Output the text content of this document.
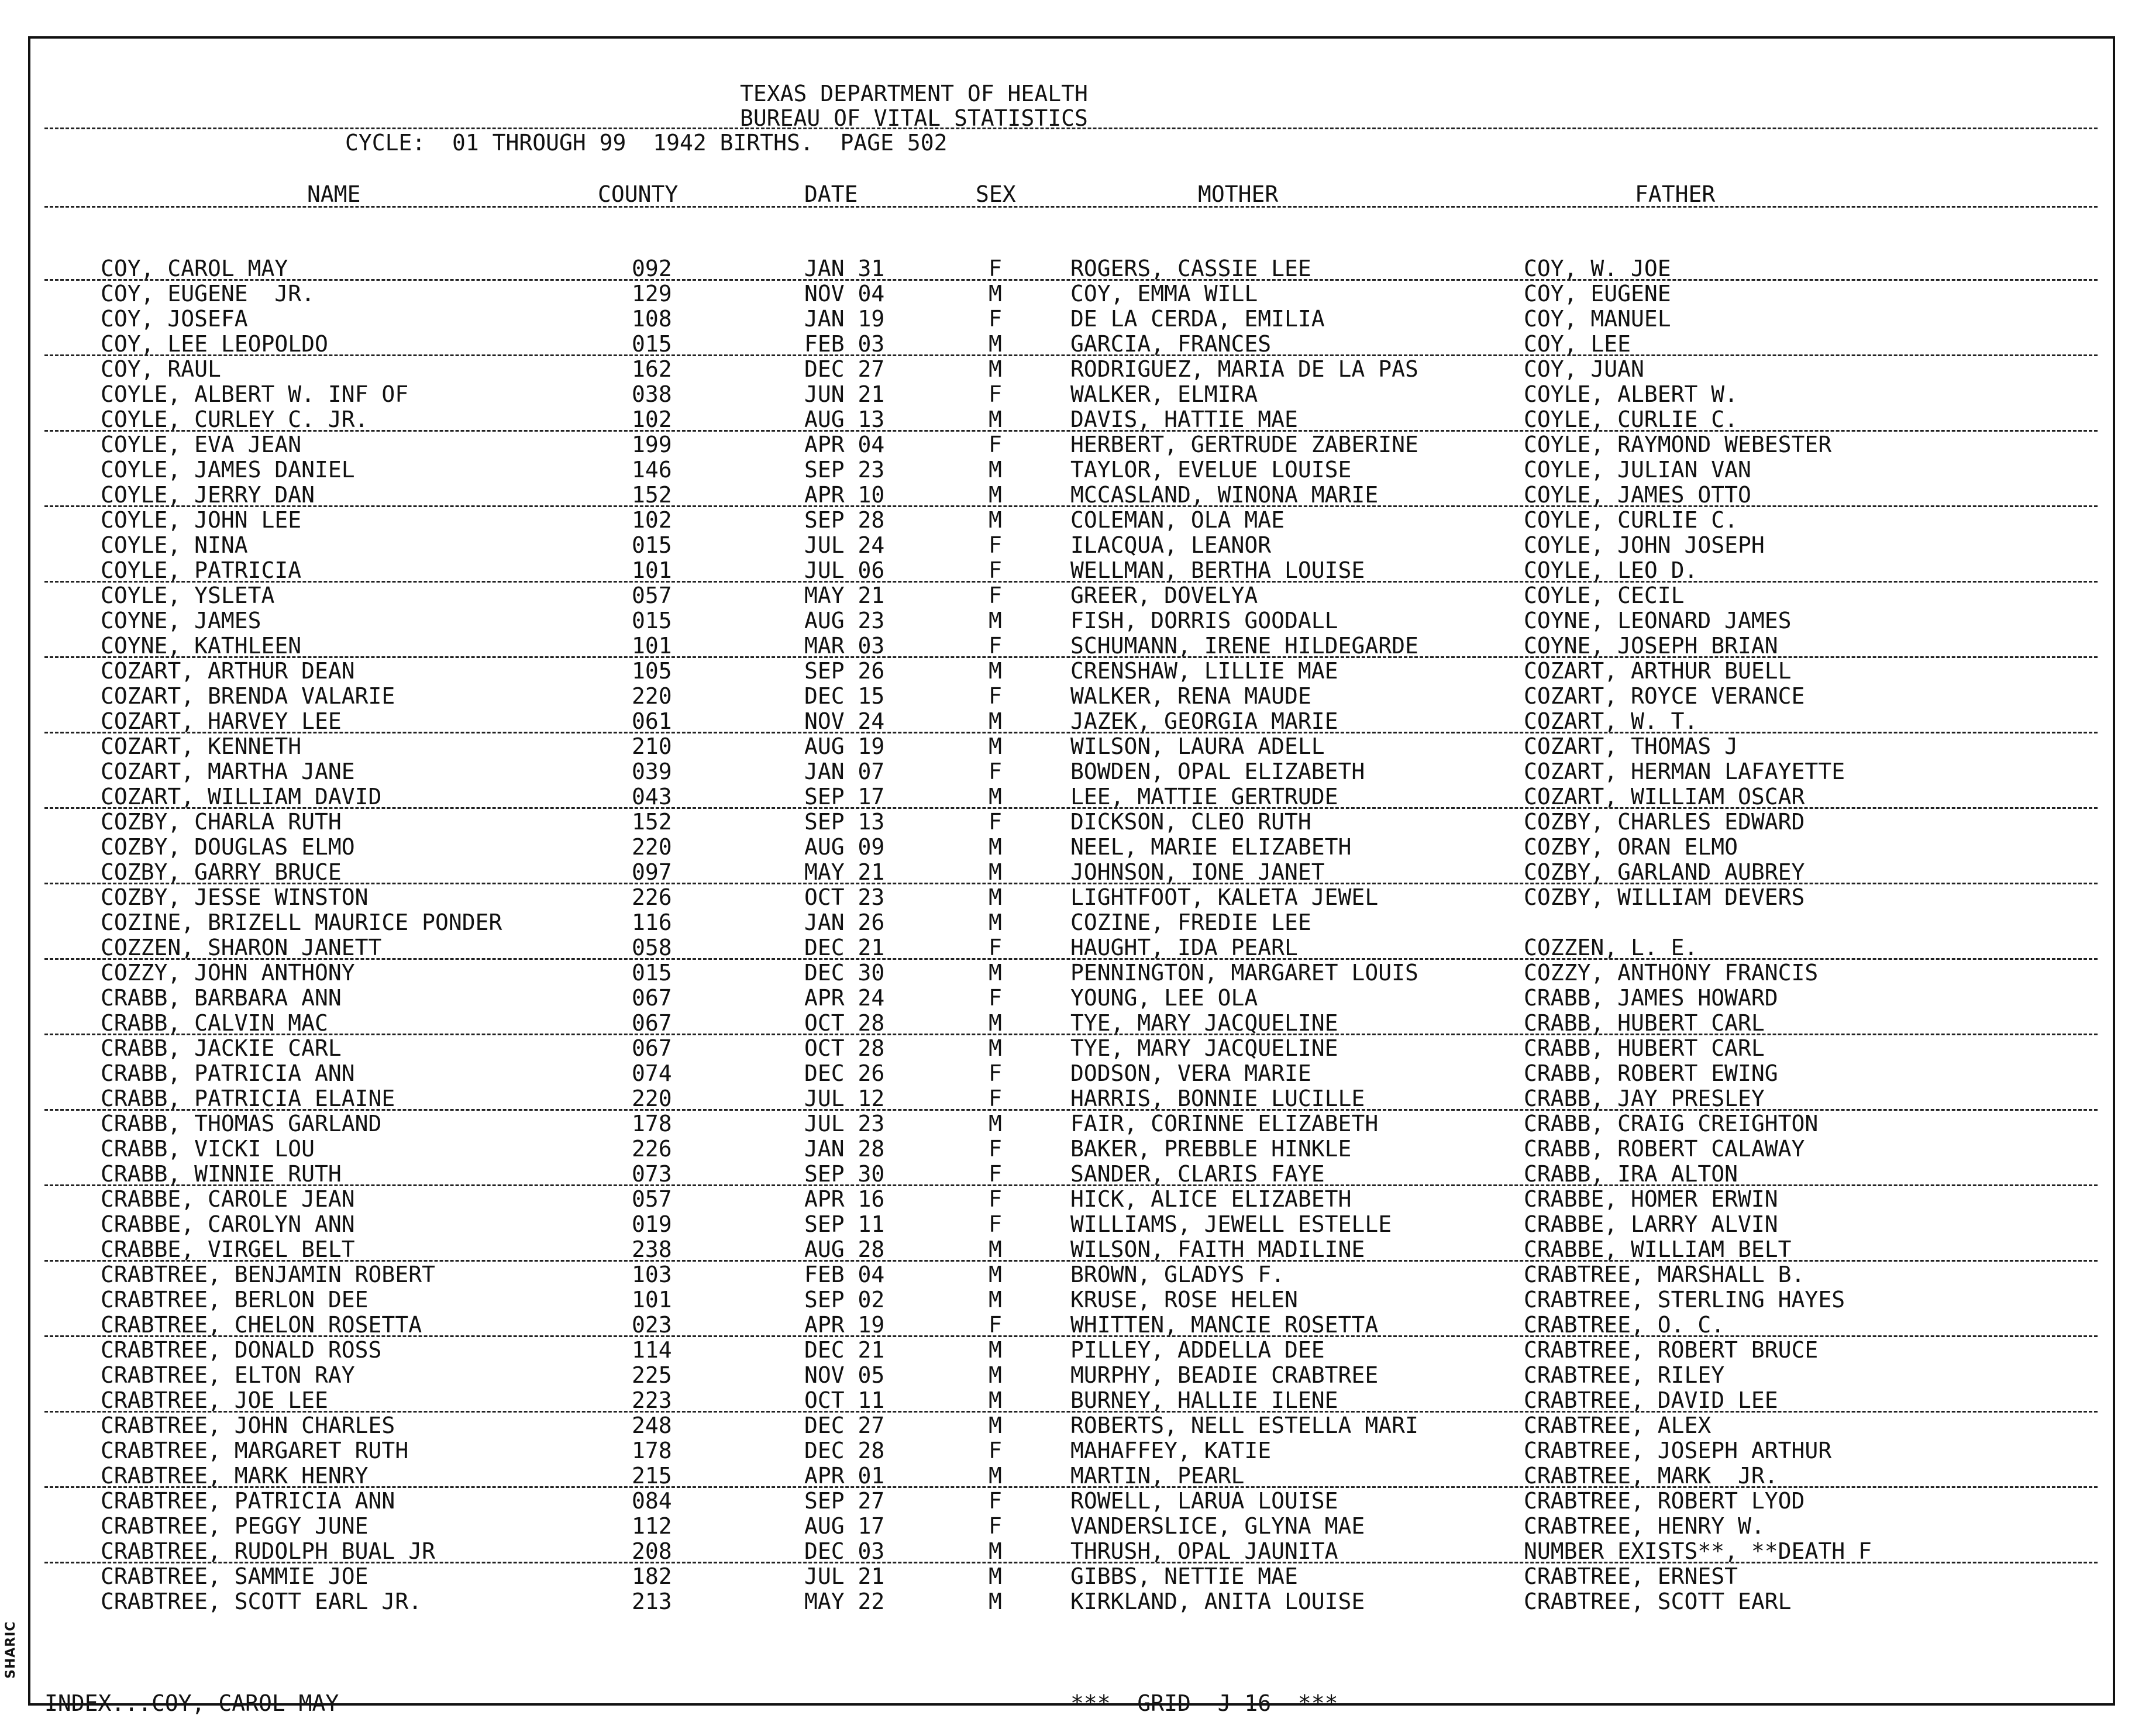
SHARIC
TEXAS DEPARTMENT OF HEALTH
BUREAU OF VITAL STATISTICS
CYCLE:  01 THROUGH 99  1942 BIRTHS.  PAGE 502
NAME	COUNTY	DATE	SEX	MOTHER	FATHER
COY, CAROL MAY	092	JAN 31	F	ROGERS, CASSIE LEE	COY, W. JOE
COY, EUGENE  JR.	129	NOV 04	M	COY, EMMA WILL	COY, EUGENE
COY, JOSEFA	108	JAN 19	F	DE LA CERDA, EMILIA	COY, MANUEL
COY, LEE LEOPOLDO	015	FEB 03	M	GARCIA, FRANCES	COY, LEE
COY, RAUL	162	DEC 27	M	RODRIGUEZ, MARIA DE LA PAS	COY, JUAN
COYLE, ALBERT W. INF OF	038	JUN 21	F	WALKER, ELMIRA	COYLE, ALBERT W.
COYLE, CURLEY C. JR.	102	AUG 13	M	DAVIS, HATTIE MAE	COYLE, CURLIE C.
COYLE, EVA JEAN	199	APR 04	F	HERBERT, GERTRUDE ZABERINE	COYLE, RAYMOND WEBESTER
COYLE, JAMES DANIEL	146	SEP 23	M	TAYLOR, EVELUE LOUISE	COYLE, JULIAN VAN
COYLE, JERRY DAN	152	APR 10	M	MCCASLAND, WINONA MARIE	COYLE, JAMES OTTO
COYLE, JOHN LEE	102	SEP 28	M	COLEMAN, OLA MAE	COYLE, CURLIE C.
COYLE, NINA	015	JUL 24	F	ILACQUA, LEANOR	COYLE, JOHN JOSEPH
COYLE, PATRICIA	101	JUL 06	F	WELLMAN, BERTHA LOUISE	COYLE, LEO D.
COYLE, YSLETA	057	MAY 21	F	GREER, DOVELYA	COYLE, CECIL
COYNE, JAMES	015	AUG 23	M	FISH, DORRIS GOODALL	COYNE, LEONARD JAMES
COYNE, KATHLEEN	101	MAR 03	F	SCHUMANN, IRENE HILDEGARDE	COYNE, JOSEPH BRIAN
COZART, ARTHUR DEAN	105	SEP 26	M	CRENSHAW, LILLIE MAE	COZART, ARTHUR BUELL
COZART, BRENDA VALARIE	220	DEC 15	F	WALKER, RENA MAUDE	COZART, ROYCE VERANCE
COZART, HARVEY LEE	061	NOV 24	M	JAZEK, GEORGIA MARIE	COZART, W. T.
COZART, KENNETH	210	AUG 19	M	WILSON, LAURA ADELL	COZART, THOMAS J
COZART, MARTHA JANE	039	JAN 07	F	BOWDEN, OPAL ELIZABETH	COZART, HERMAN LAFAYETTE
COZART, WILLIAM DAVID	043	SEP 17	M	LEE, MATTIE GERTRUDE	COZART, WILLIAM OSCAR
COZBY, CHARLA RUTH	152	SEP 13	F	DICKSON, CLEO RUTH	COZBY, CHARLES EDWARD
COZBY, DOUGLAS ELMO	220	AUG 09	M	NEEL, MARIE ELIZABETH	COZBY, ORAN ELMO
COZBY, GARRY BRUCE	097	MAY 21	M	JOHNSON, IONE JANET	COZBY, GARLAND AUBREY
COZBY, JESSE WINSTON	226	OCT 23	M	LIGHTFOOT, KALETA JEWEL	COZBY, WILLIAM DEVERS
COZINE, BRIZELL MAURICE PONDER	116	JAN 26	M	COZINE, FREDIE LEE
COZZEN, SHARON JANETT	058	DEC 21	F	HAUGHT, IDA PEARL	COZZEN, L. E.
COZZY, JOHN ANTHONY	015	DEC 30	M	PENNINGTON, MARGARET LOUIS	COZZY, ANTHONY FRANCIS
CRABB, BARBARA ANN	067	APR 24	F	YOUNG, LEE OLA	CRABB, JAMES HOWARD
CRABB, CALVIN MAC	067	OCT 28	M	TYE, MARY JACQUELINE	CRABB, HUBERT CARL
CRABB, JACKIE CARL	067	OCT 28	M	TYE, MARY JACQUELINE	CRABB, HUBERT CARL
CRABB, PATRICIA ANN	074	DEC 26	F	DODSON, VERA MARIE	CRABB, ROBERT EWING
CRABB, PATRICIA ELAINE	220	JUL 12	F	HARRIS, BONNIE LUCILLE	CRABB, JAY PRESLEY
CRABB, THOMAS GARLAND	178	JUL 23	M	FAIR, CORINNE ELIZABETH	CRABB, CRAIG CREIGHTON
CRABB, VICKI LOU	226	JAN 28	F	BAKER, PREBBLE HINKLE	CRABB, ROBERT CALAWAY
CRABB, WINNIE RUTH	073	SEP 30	F	SANDER, CLARIS FAYE	CRABB, IRA ALTON
CRABBE, CAROLE JEAN	057	APR 16	F	HICK, ALICE ELIZABETH	CRABBE, HOMER ERWIN
CRABBE, CAROLYN ANN	019	SEP 11	F	WILLIAMS, JEWELL ESTELLE	CRABBE, LARRY ALVIN
CRABBE, VIRGEL BELT	238	AUG 28	M	WILSON, FAITH MADILINE	CRABBE, WILLIAM BELT
CRABTREE, BENJAMIN ROBERT	103	FEB 04	M	BROWN, GLADYS F.	CRABTREE, MARSHALL B.
CRABTREE, BERLON DEE	101	SEP 02	M	KRUSE, ROSE HELEN	CRABTREE, STERLING HAYES
CRABTREE, CHELON ROSETTA	023	APR 19	F	WHITTEN, MANCIE ROSETTA	CRABTREE, O. C.
CRABTREE, DONALD ROSS	114	DEC 21	M	PILLEY, ADDELLA DEE	CRABTREE, ROBERT BRUCE
CRABTREE, ELTON RAY	225	NOV 05	M	MURPHY, BEADIE CRABTREE	CRABTREE, RILEY
CRABTREE, JOE LEE	223	OCT 11	M	BURNEY, HALLIE ILENE	CRABTREE, DAVID LEE
CRABTREE, JOHN CHARLES	248	DEC 27	M	ROBERTS, NELL ESTELLA MARI	CRABTREE, ALEX
CRABTREE, MARGARET RUTH	178	DEC 28	F	MAHAFFEY, KATIE	CRABTREE, JOSEPH ARTHUR
CRABTREE, MARK HENRY	215	APR 01	M	MARTIN, PEARL	CRABTREE, MARK  JR.
CRABTREE, PATRICIA ANN	084	SEP 27	F	ROWELL, LARUA LOUISE	CRABTREE, ROBERT LYOD
CRABTREE, PEGGY JUNE	112	AUG 17	F	VANDERSLICE, GLYNA MAE	CRABTREE, HENRY W.
CRABTREE, RUDOLPH BUAL JR	208	DEC 03	M	THRUSH, OPAL JAUNITA	NUMBER EXISTS**, **DEATH F
CRABTREE, SAMMIE JOE	182	JUL 21	M	GIBBS, NETTIE MAE	CRABTREE, ERNEST
CRABTREE, SCOTT EARL JR.	213	MAY 22	M	KIRKLAND, ANITA LOUISE	CRABTREE, SCOTT EARL
INDEX...COY, CAROL MAY	***  GRID  J 16  ***
